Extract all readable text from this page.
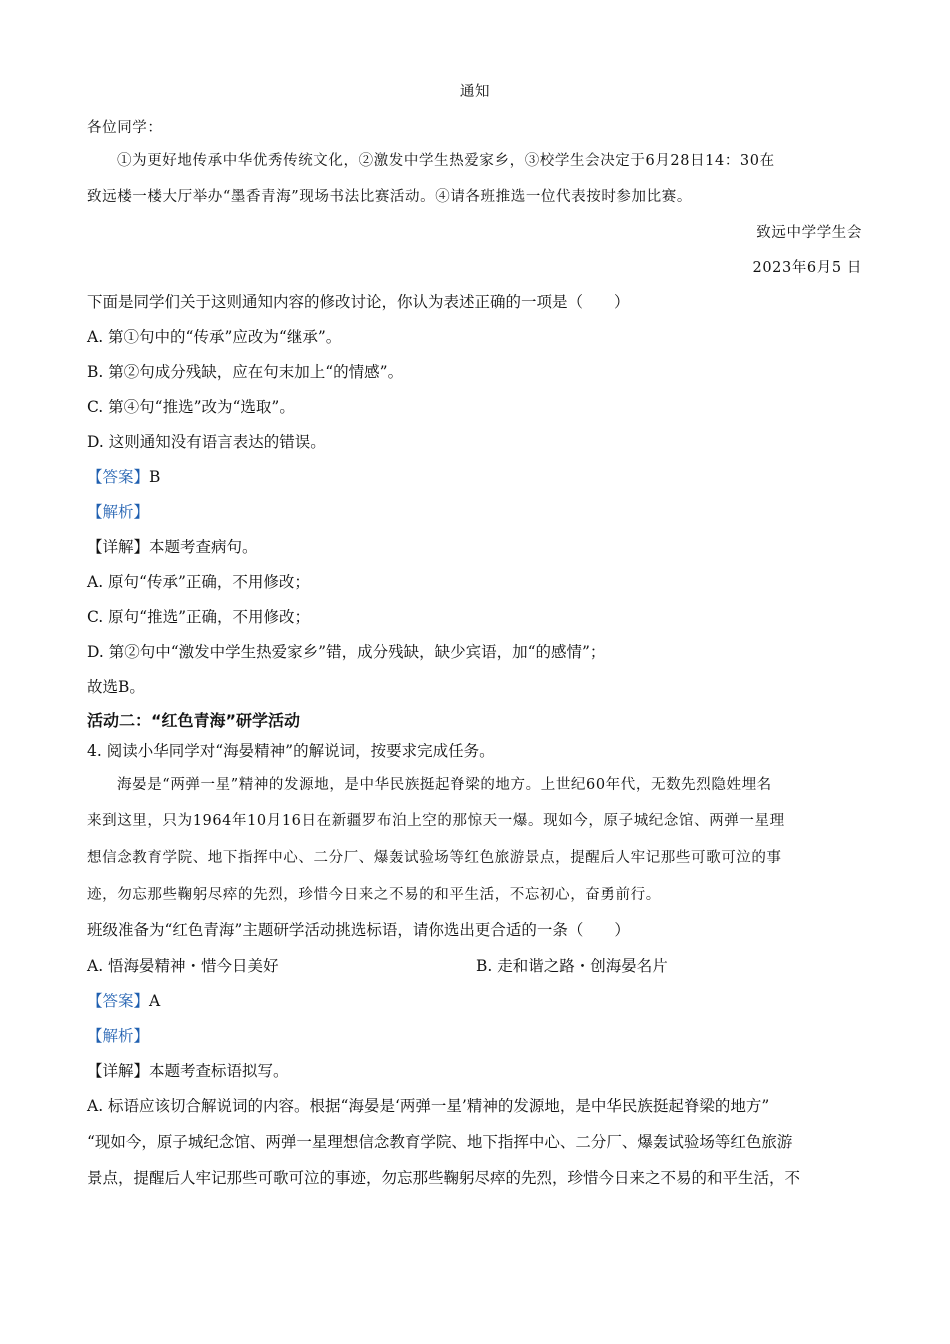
通知
各位同学：
①为更好地传承中华优秀传统文化，②激发中学生热爱家乡，③校学生会决定于6月28日14：30在
致远楼一楼大厅举办“墨香青海”现场书法比赛活动。④请各班推选一位代表按时参加比赛。
致远中学学生会
2023年6月5 日
下面是同学们关于这则通知内容的修改讨论，你认为表述正确的一项是（　　）
A. 第①句中的“传承”应改为“继承”。
B. 第②句成分残缺，应在句末加上“的情感”。
C. 第④句“推选”改为“选取”。
D. 这则通知没有语言表达的错误。
【答案】B
【解析】
【详解】本题考查病句。
A. 原句“传承”正确，不用修改；
C. 原句“推选”正确，不用修改；
D. 第②句中“激发中学生热爱家乡”错，成分残缺，缺少宾语，加“的感情”；
故选B。
活动二：“红色青海”研学活动
4. 阅读小华同学对“海晏精神”的解说词，按要求完成任务。
海晏是“两弹一星”精神的发源地，是中华民族挺起脊梁的地方。上世纪60年代，无数先烈隐姓埋名
来到这里，只为1964年10月16日在新疆罗布泊上空的那惊天一爆。现如今，原子城纪念馆、两弹一星理
想信念教育学院、地下指挥中心、二分厂、爆轰试验场等红色旅游景点，提醒后人牢记那些可歌可泣的事
迹，勿忘那些鞠躬尽瘁的先烈，珍惜今日来之不易的和平生活，不忘初心，奋勇前行。
班级准备为“红色青海”主题研学活动挑选标语，请你选出更合适的一条（　　）
A. 悟海晏精神・惜今日美好	B. 走和谐之路・创海晏名片
【答案】A
【解析】
【详解】本题考查标语拟写。
A. 标语应该切合解说词的内容。根据“海晏是‘两弹一星’精神的发源地，是中华民族挺起脊梁的地方”
“现如今，原子城纪念馆、两弹一星理想信念教育学院、地下指挥中心、二分厂、爆轰试验场等红色旅游
景点，提醒后人牢记那些可歌可泣的事迹，勿忘那些鞠躬尽瘁的先烈，珍惜今日来之不易的和平生活，不
